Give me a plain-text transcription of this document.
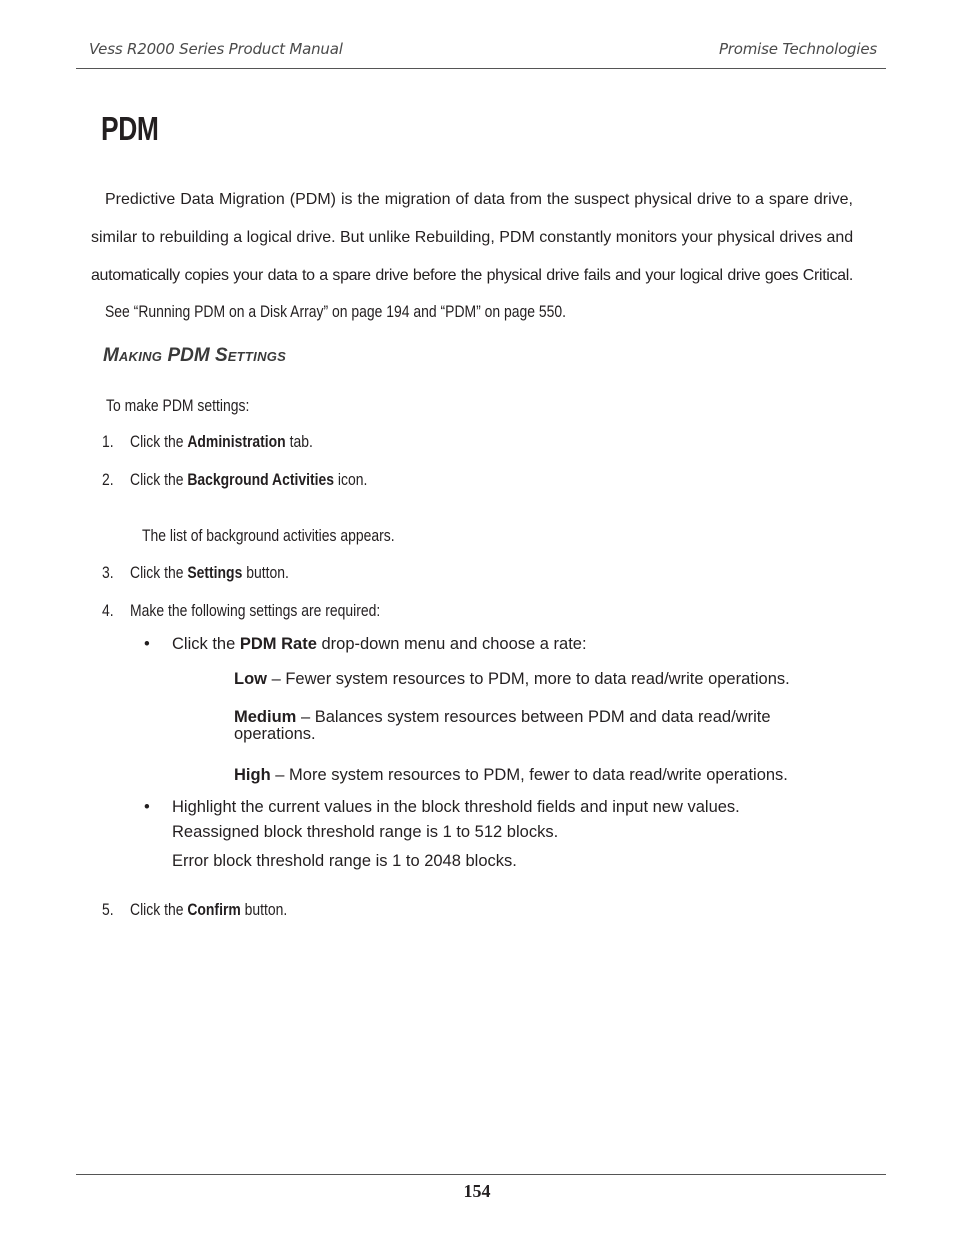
Vess R2000 Series Product Manual	Promise Technologies
PDM
Predictive Data Migration (PDM) is the migration of data from the suspect physical drive to a spare drive,
similar to rebuilding a logical drive. But unlike Rebuilding, PDM constantly monitors your physical drives and
automatically copies your data to a spare drive before the physical drive fails and your logical drive goes Critical.
See “Running PDM on a Disk Array” on page 194 and “PDM” on page 550.
MAKING PDM SETTINGS
To make PDM settings:
1. Click the Administration tab.
2. Click the Background Activities icon.
The list of background activities appears.
3. Click the Settings button.
4. Make the following settings are required:
• Click the PDM Rate drop-down menu and choose a rate:
Low – Fewer system resources to PDM, more to data read/write operations.
Medium – Balances system resources between PDM and data read/write
operations.
High – More system resources to PDM, fewer to data read/write operations.
• Highlight the current values in the block threshold fields and input new values.
Reassigned block threshold range is 1 to 512 blocks.
Error block threshold range is 1 to 2048 blocks.
5. Click the Confirm button.
154
